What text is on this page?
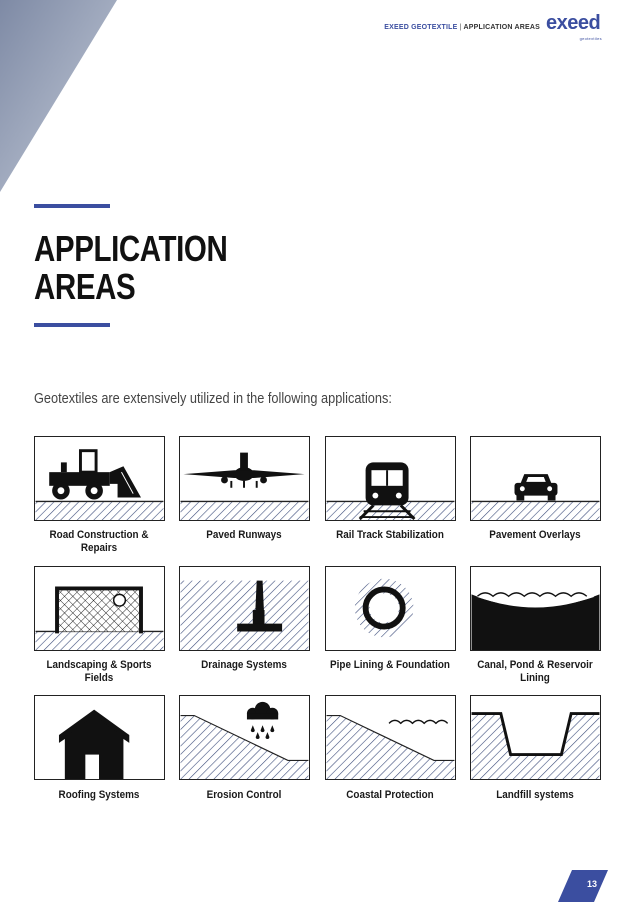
EXEED GEOTEXTILE | APPLICATION AREAS exeed
geotextiles
APPLICATION
AREAS

Geotextiles are extensively utilized in the following applications:

Road Construction & Repairs
Paved Runways	Rail Track Stabilization	Pavement Overlays
Landscaping & Sports Fields
Drainage Systems	Pipe Lining & Foundation	Canal, Pond & Reservoir Lining
Roofing Systems	Erosion Control	Coastal Protection	Landfill systems
13
